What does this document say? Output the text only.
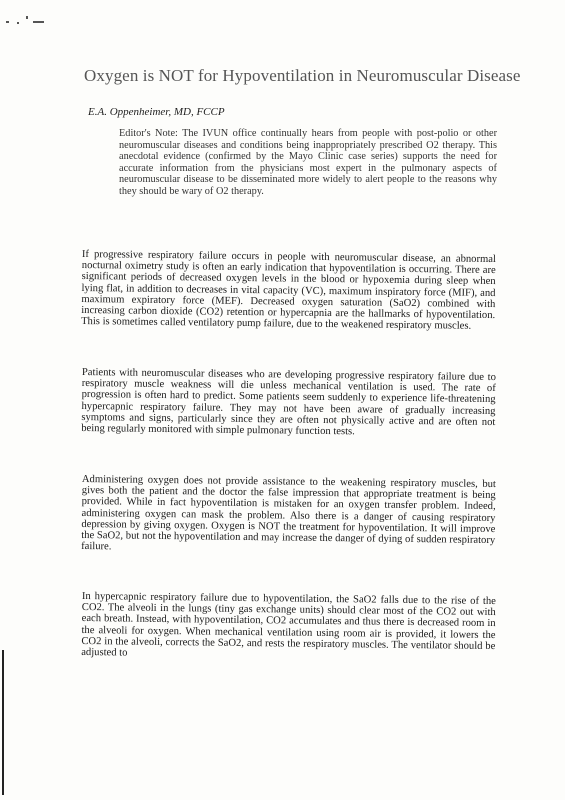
Oxygen is NOT for Hypoventilation in Neuromuscular Disease
E.A. Oppenheimer, MD, FCCP
Editor's Note: The IVUN office continually hears from people with post-polio or other neuromuscular diseases and conditions being inappropriately prescribed O2 therapy. This anecdotal evidence (confirmed by the Mayo Clinic case series) supports the need for accurate information from the physicians most expert in the pulmonary aspects of neuromuscular disease to be disseminated more widely to alert people to the reasons why they should be wary of O2 therapy.
If progressive respiratory failure occurs in people with neuromuscular disease, an abnormal nocturnal oximetry study is often an early indication that hypoventilation is occurring. There are significant periods of decreased oxygen levels in the blood or hypoxemia during sleep when lying flat, in addition to decreases in vital capacity (VC), maximum inspiratory force (MIF), and maximum expiratory force (MEF). Decreased oxygen saturation (SaO2) combined with increasing carbon dioxide (CO2) retention or hypercapnia are the hallmarks of hypoventilation. This is sometimes called ventilatory pump failure, due to the weakened respiratory muscles.
Patients with neuromuscular diseases who are developing progressive respiratory failure due to respiratory muscle weakness will die unless mechanical ventilation is used. The rate of progression is often hard to predict. Some patients seem suddenly to experience life-threatening hypercapnic respiratory failure. They may not have been aware of gradually increasing symptoms and signs, particularly since they are often not physically active and are often not being regularly monitored with simple pulmonary function tests.
Administering oxygen does not provide assistance to the weakening respiratory muscles, but gives both the patient and the doctor the false impression that appropriate treatment is being provided. While in fact hypoventilation is mistaken for an oxygen transfer problem. Indeed, administering oxygen can mask the problem. Also there is a danger of causing respiratory depression by giving oxygen. Oxygen is NOT the treatment for hypoventilation. It will improve the SaO2, but not the hypoventilation and may increase the danger of dying of sudden respiratory failure.
In hypercapnic respiratory failure due to hypoventilation, the SaO2 falls due to the rise of the CO2. The alveoli in the lungs (tiny gas exchange units) should clear most of the CO2 out with each breath. Instead, with hypoventilation, CO2 accumulates and thus there is decreased room in the alveoli for oxygen. When mechanical ventilation using room air is provided, it lowers the CO2 in the alveoli, corrects the SaO2, and rests the respiratory muscles. The ventilator should be adjusted to
